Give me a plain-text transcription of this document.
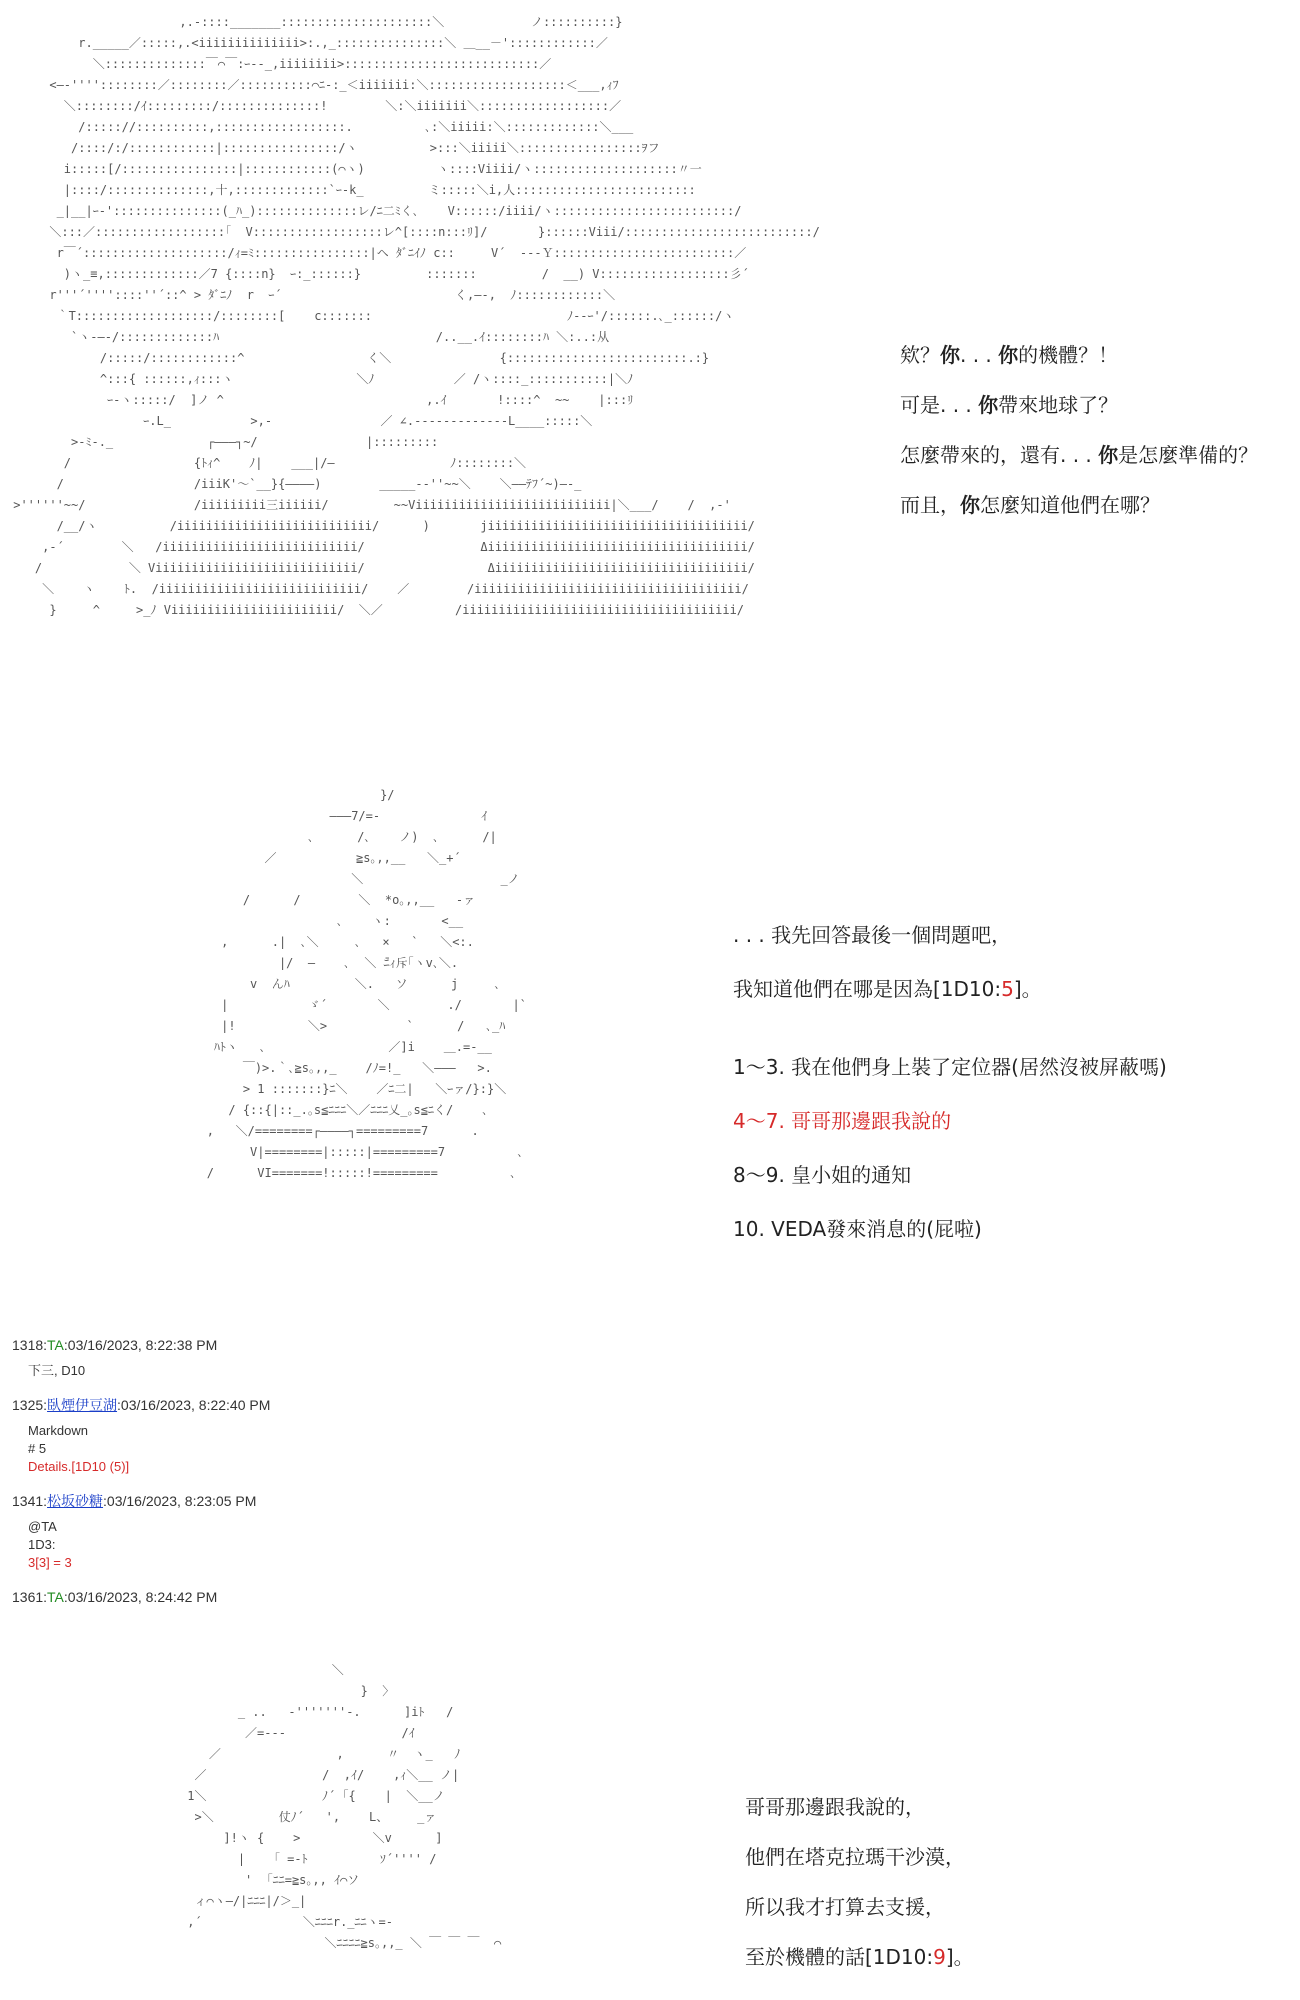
,.-::::_______:::::::::::::::::::::＼            ノ::::::::::}
r._____／:::::,.<iiiiiiiiiiiiii>:.,_:::::::::::::::＼ ＿__－'::::::::::::／
＼::::::::::::::￣⌒￣:ｰ--_,iiiiiiii>:::::::::::::::::::::::::::／
<―-''''::::::::／::::::::／::::::::::⌒ﾆ-:_＜iiiiiii:＼:::::::::::::::::::＜___,ｨﾌ
＼::::::::/ｲ:::::::::/::::::::::::::!        ＼:＼iiiiiii＼::::::::::::::::::／
/::::://::::::::::,::::::::::::::::::.          ､:＼iiiii:＼:::::::::::::＼___
/::::/:/::::::::::::|::::::::::::::::/ヽ          >:::＼iiiii＼:::::::::::::::::ｦフ
i:::::[/::::::::::::::::|::::::::::::(⌒ヽ)          ヽ::::Viiii/ヽ::::::::::::::::::::〃一
|::::/::::::::::::::,十,:::::::::::::`ｰ-k_         ミ:::::＼i,人:::::::::::::::::::::::::
_|__|ｰ-':::::::::::::::(_ﾊ_)::::::::::::::レ/ﾆ二ﾐく､    V::::::/iiii/ヽ:::::::::::::::::::::::::/
＼:::／::::::::::::::::::｢  V::::::::::::::::::レ^[::::n:::ﾘ]/       }::::::Viii/::::::::::::::::::::::::::/
r￣´::::::::::::::::::::/ｨ=ﾐ::::::::::::::::|ヘ ﾀﾞﾆｲﾉ c::     V´  ---Ｙ:::::::::::::::::::::::::／
)ヽ_≡,:::::::::::::／7 {::::n}  ｰ:_::::::}         :::::::         /  __) V::::::::::::::::::彡´
r'''´''''::::''´::^ > ﾀﾞﾆﾉ  r  ｰ´                        く,―-,  ﾉ::::::::::::＼
｀T:::::::::::::::::::/::::::::[    c:::::::                           ﾉ--ｰ'/::::::.､_::::::/ヽ
`ヽ-―-/:::::::::::::ﾊ                              /..__.ｲ::::::::ﾊ ＼:..:从
/:::::/::::::::::::^                 く＼               {:::::::::::::::::::::::::.:}
^:::{ ::::::,ｨ:::ヽ                 ＼ﾉ           ／ /ヽ::::_:::::::::::|＼ﾉ
ｰ-ヽ:::::/  ]ノ ^                            ,.ｲ       !::::^  ~~    |:::ﾘ
ｰ.L_           >,-               ／ ∠.-------------L____:::::＼
>-ﾐ-._             ┌―――┐~/               |:::::::::
/                 {ﾄｨ^    ﾉ|    ___|/―                ﾉ::::::::＼
/                  /iiiK'～`__}{――――)        _____--''~~＼    ＼――ﾃﾌ´~)―-_
>''''''~~/               /iiiiiiiii三iiiiii/         ~~Viiiiiiiiiiiiiiiiiiiiiiiiiii|＼___/    /  ,-'
/__/ヽ          /iiiiiiiiiiiiiiiiiiiiiiiiiii/      )       jiiiiiiiiiiiiiiiiiiiiiiiiiiiiiiiiiiii/
,-´        ＼   /iiiiiiiiiiiiiiiiiiiiiiiiiii/                Δiiiiiiiiiiiiiiiiiiiiiiiiiiiiiiiiiiii/
/            ＼ Viiiiiiiiiiiiiiiiiiiiiiiiiiii/                 Δiiiiiiiiiiiiiiiiiiiiiiiiiiiiiiiiiii/
＼    ヽ    ﾄ.  /iiiiiiiiiiiiiiiiiiiiiiiiiiii/    ／        /iiiiiiiiiiiiiiiiiiiiiiiiiiiiiiiiiiiii/
}     ^     >_ﾉ Viiiiiiiiiiiiiiiiiiiiiii/  ＼／          /iiiiiiiiiiiiiiiiiiiiiiiiiiiiiiiiiiiiii/
欸？你. . . 你的機體？！
可是. . . 你帶來地球了？
怎麼帶來的，還有. . . 你是怎麼準備的？
而且，你怎麼知道他們在哪？
}/
―――7/=-              ｲ
､      /､    ノ)  ､      /|
／           ≧s｡,,__   ＼_+´
＼                   _ノ
/      /        ＼  *o｡,,__   -ァ
､    ヽ:       <__
,      .|  ､＼     ､   ×   `   ＼<:.
|/  ―    ､  ＼ ̄ﾆｨ斥｢ヽv､＼.
v  んﾊ         ＼.   ソ      j     ､
|           ゞ´       ＼        ./       |`
|!          ＼>           `      /   ､_ﾊ
ﾊﾄヽ   ､                 ／]i    ＿.=-__
￣)>.｀､≧s｡,,_    /ﾉ=!_   ＼―――   >.
> 1 :::::::}ﾆ＼    ／ﾆ二|   ＼ｰァ/}:}＼
/ {::{|::_.｡s≦ﾆﾆﾆ＼／ﾆﾆﾆ乂_｡s≦ﾆく/    ､
,   ＼/========┌――――┐=========7      .
V|========|:::::|=========7          ､
/      VI=======!:::::!=========          ､
. . . 我先回答最後一個問題吧，
我知道他們在哪是因為[1D10:5]。
1～3. 我在他們身上裝了定位器(居然沒被屏蔽嗎)
4～7. 哥哥那邊跟我說的
8～9. 皇小姐的通知
10. VEDA發來消息的(屁啦)
1318:TA:03/16/2023, 8:22:38 PM
下三, D10
1325:臥煙伊豆湖:03/16/2023, 8:22:40 PM
Markdown
# 5
Details.[1D10 (5)]
1341:松坂砂糖:03/16/2023, 8:23:05 PM
@TA
1D3:
3[3] = 3
1361:TA:03/16/2023, 8:24:42 PM
＼
}  〉
_ ..   -'''''''-.      ]iﾄ   /
／=---                /ｲ
／                ,      〃  ヽ_   ﾉ
／                /  ,ｲ/    ,ｨ＼__ ノ|
1＼                ﾉ´ ｢{    |  ＼__ノ
>＼         仗ﾉ´   ',    L、    _ァ
]!ヽ {    >          ＼v      ]
|    ｢ =-ﾄ          ｿ´'''' /
'  ｢ﾆﾆ=≧s｡,, ｲ⌒ソ
ィ⌒ヽ―/|ﾆﾆﾆ|/＞_|
,´              ＼ﾆﾆﾆr._ﾆﾆヽ=-
＼ﾆﾆﾆﾆ≧s｡,,_ ＼ ￣ ￣ ￣  ⌒
哥哥那邊跟我說的，
他們在塔克拉瑪干沙漠，
所以我才打算去支援，
至於機體的話[1D10:9]。
